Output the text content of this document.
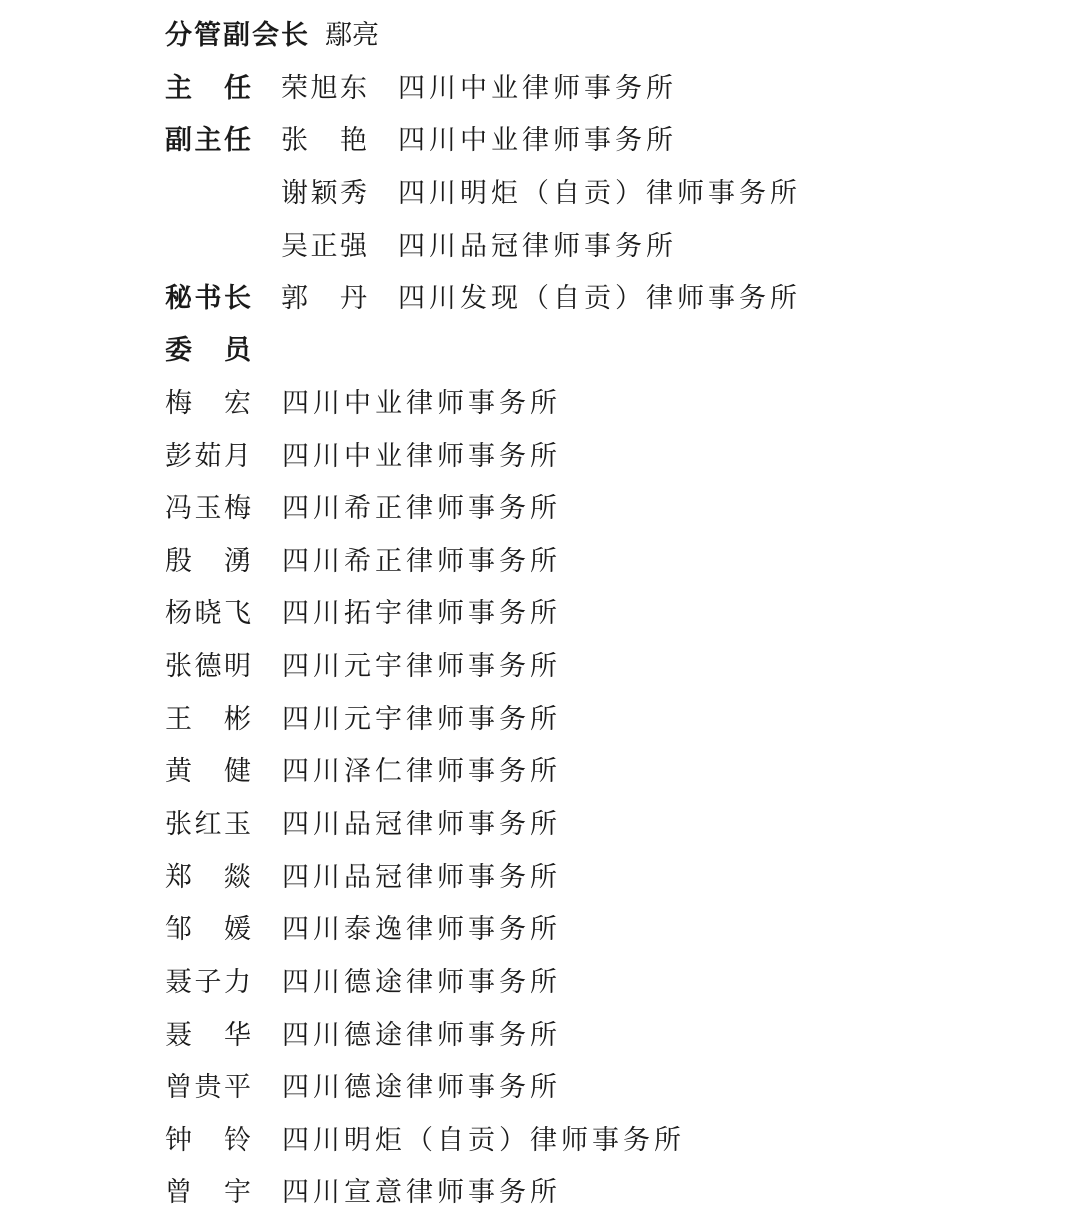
分管副会长 鄢亮
主 任 荣 旭 东 四川中业律师事务所
副 主 任 张 艳 四川中业律师事务所
谢 颖 秀 四川明炬（自贡）律师事务所
吴 正 强 四川品冠律师事务所
秘 书 长 郭 丹 四川发现（自贡）律师事务所
委 员
梅 宏 四川中业律师事务所
彭 茹 月 四川中业律师事务所
冯 玉 梅 四川希正律师事务所
殷 湧 四川希正律师事务所
杨 晓 飞 四川拓宇律师事务所
张 德 明 四川元宇律师事务所
王 彬 四川元宇律师事务所
黄 健 四川泽仁律师事务所
张 红 玉 四川品冠律师事务所
郑 燚 四川品冠律师事务所
邹 媛 四川泰逸律师事务所
聂 子 力 四川德途律师事务所
聂 华 四川德途律师事务所
曾 贵 平 四川德途律师事务所
钟 铃 四川明炬（自贡）律师事务所
曾 宇 四川宣意律师事务所
